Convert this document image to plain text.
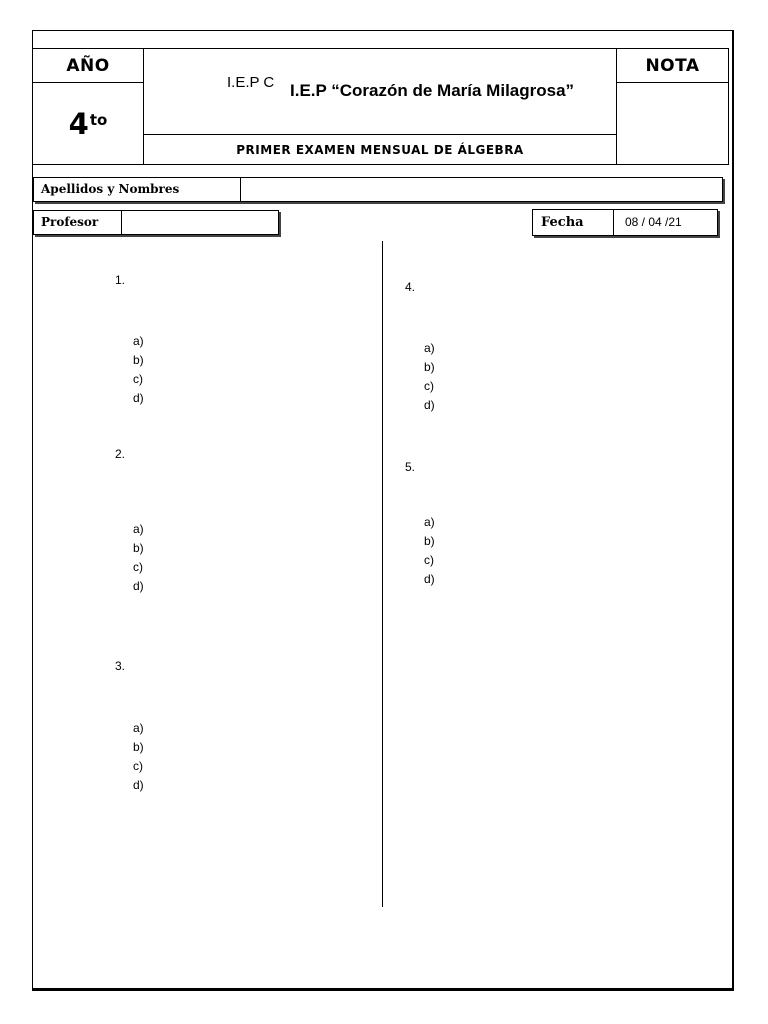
AÑO
$4^{to}$
I.E.P C I.E.P “Corazón de María Milagrosa”
NOTA
PRIMER EXAMEN MENSUAL DE ÁLGEBRA
Apellidos y Nombres
Profesor	Fecha	08 / 04 /21
1.
a)
b)
c)
d)
2.
a)
b)
c)
d)
3.
a)
b)
c)
d)
4.
a)
b)
c)
d)
5.
a)
b)
c)
d)
